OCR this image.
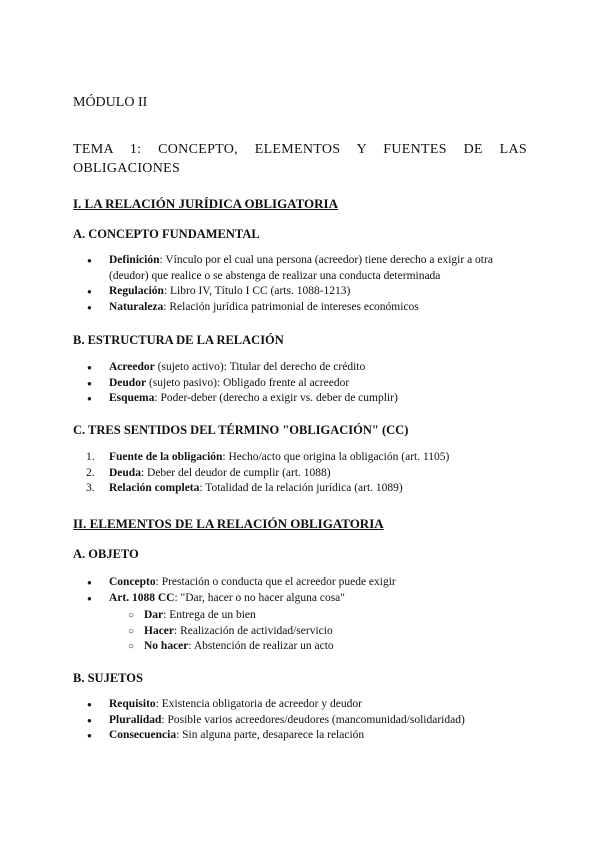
MÓDULO II
TEMA 1: CONCEPTO, ELEMENTOS Y FUENTES DE LAS
OBLIGACIONES
I. LA RELACIÓN JURÍDICA OBLIGATORIA
A. CONCEPTO FUNDAMENTAL
● Definición: Vínculo por el cual una persona (acreedor) tiene derecho a exigir a otra (deudor) que realice o se abstenga de realizar una conducta determinada
● Regulación: Libro IV, Título I CC (arts. 1088-1213)
● Naturaleza: Relación jurídica patrimonial de intereses económicos
B. ESTRUCTURA DE LA RELACIÓN
● Acreedor (sujeto activo): Titular del derecho de crédito
● Deudor (sujeto pasivo): Obligado frente al acreedor
● Esquema: Poder-deber (derecho a exigir vs. deber de cumplir)
C. TRES SENTIDOS DEL TÉRMINO "OBLIGACIÓN" (CC)
1. Fuente de la obligación: Hecho/acto que origina la obligación (art. 1105)
2. Deuda: Deber del deudor de cumplir (art. 1088)
3. Relación completa: Totalidad de la relación jurídica (art. 1089)
II. ELEMENTOS DE LA RELACIÓN OBLIGATORIA
A. OBJETO
● Concepto: Prestación o conducta que el acreedor puede exigir
● Art. 1088 CC: "Dar, hacer o no hacer alguna cosa"
○ Dar: Entrega de un bien
○ Hacer: Realización de actividad/servicio
○ No hacer: Abstención de realizar un acto
B. SUJETOS
● Requisito: Existencia obligatoria de acreedor y deudor
● Pluralidad: Posible varios acreedores/deudores (mancomunidad/solidaridad)
● Consecuencia: Sin alguna parte, desaparece la relación
